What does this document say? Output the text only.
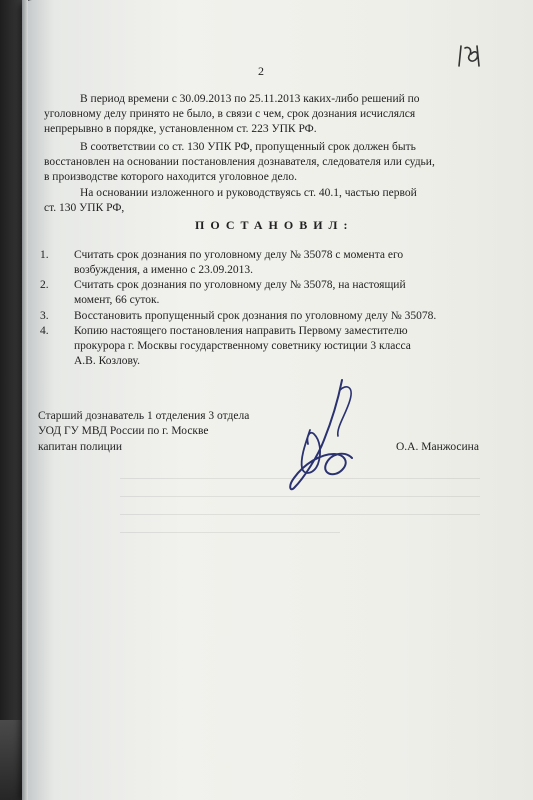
2
В период времени с 30.09.2013 по 25.11.2013 каких-либо решений по
уголовному делу принято не было, в связи с чем, срок дознания исчислялся
непрерывно в порядке, установленном ст. 223 УПК РФ.
В соответствии со ст. 130 УПК РФ, пропущенный срок должен быть
восстановлен на основании постановления дознавателя, следователя или судьи,
в производстве которого находится уголовное дело.
На основании изложенного и руководствуясь ст. 40.1, частью первой
ст. 130 УПК РФ,
ПОСТАНОВИЛ:
1. Считать срок дознания по уголовному делу № 35078 с момента его
возбуждения, а именно с 23.09.2013.
2. Считать срок дознания по уголовному делу № 35078, на настоящий
момент, 66 суток.
3. Восстановить пропущенный срок дознания по уголовному делу № 35078.
4. Копию настоящего постановления направить Первому заместителю
прокурора г. Москвы государственному советнику юстиции 3 класса
А.В. Козлову.
Старший дознаватель 1 отделения 3 отдела
УОД ГУ МВД России по г. Москве
капитан полиции	О.А. Манжосина
